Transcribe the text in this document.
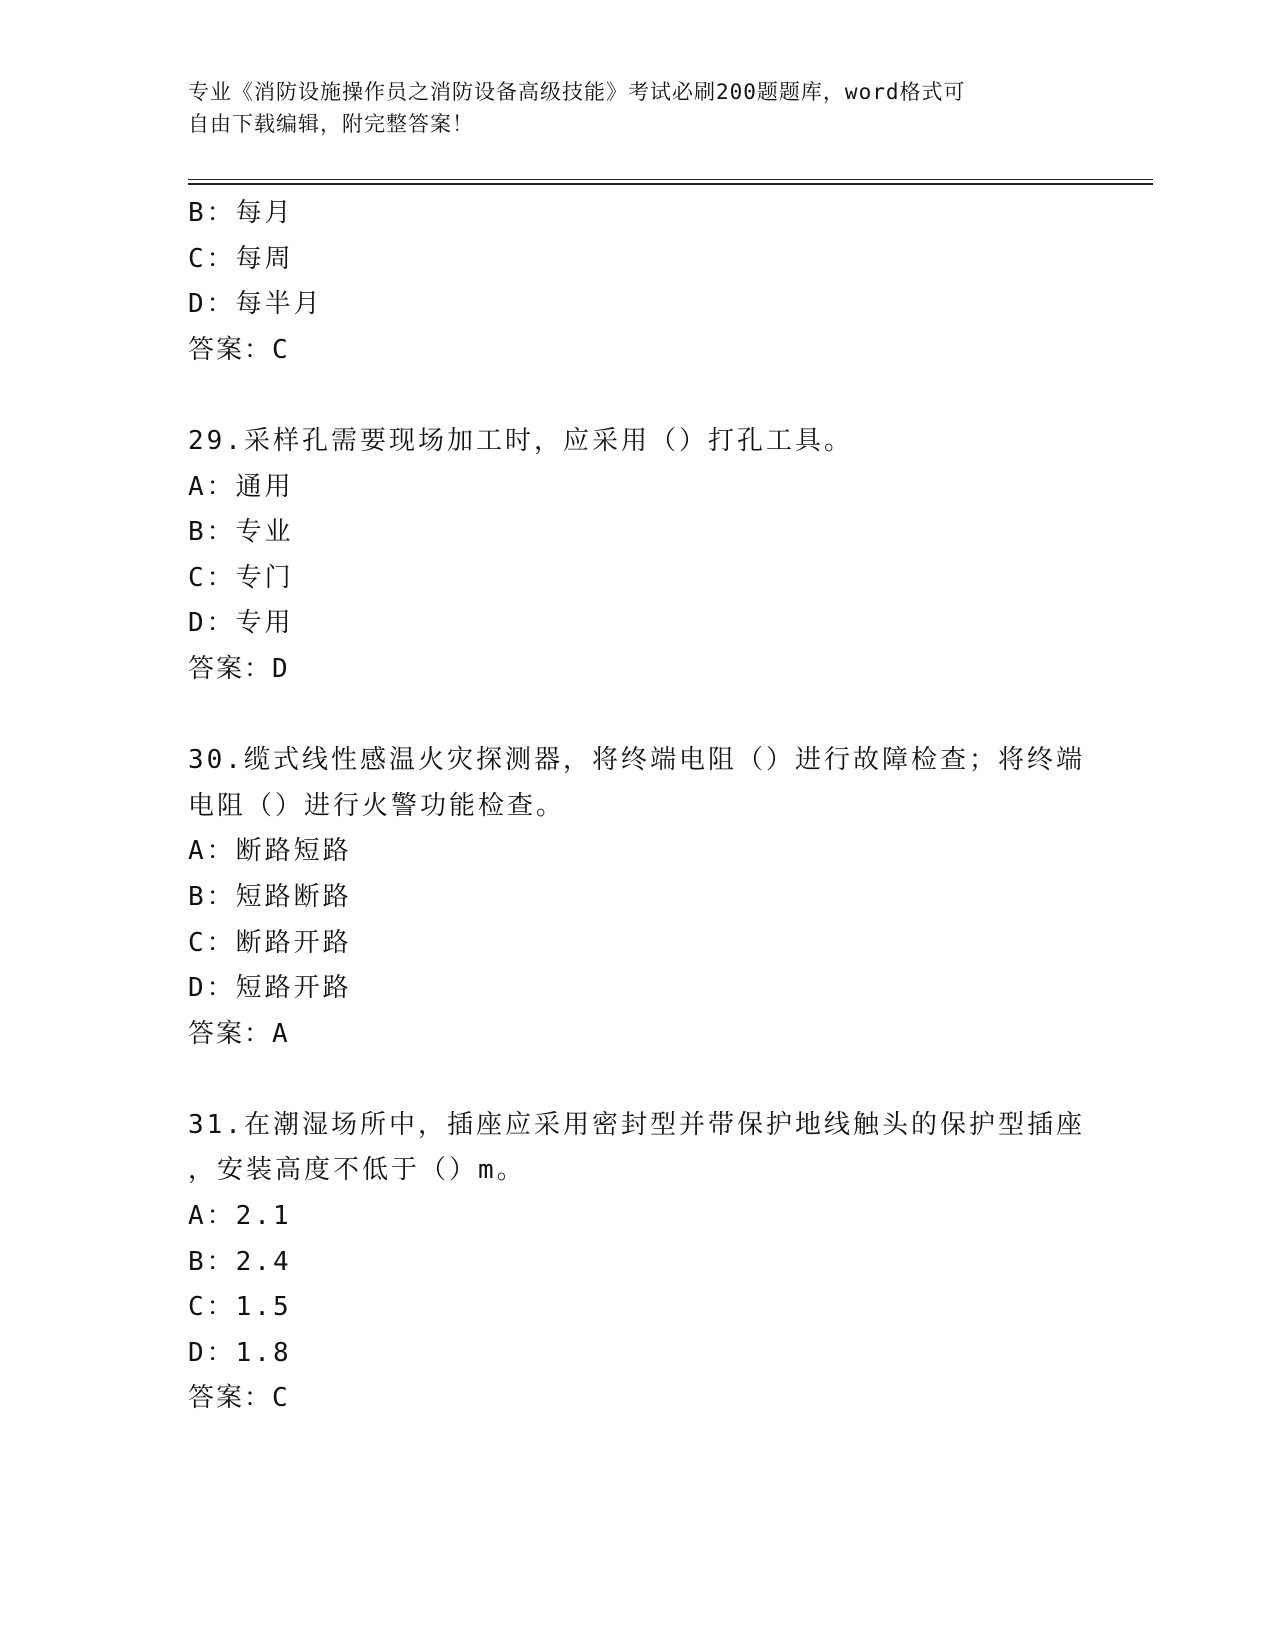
专业《消防设施操作员之消防设备高级技能》考试必刷200题题库，word格式可
自由下载编辑，附完整答案！
B：每月
C：每周
D：每半月
答案：C
29.采样孔需要现场加工时，应采用（）打孔工具。
A：通用
B：专业
C：专门
D：专用
答案：D
30.缆式线性感温火灾探测器，将终端电阻（）进行故障检查；将终端
电阻（）进行火警功能检查。
A：断路短路
B：短路断路
C：断路开路
D：短路开路
答案：A
31.在潮湿场所中，插座应采用密封型并带保护地线触头的保护型插座
，安装高度不低于（）m。
A：2.1
B：2.4
C：1.5
D：1.8
答案：C
